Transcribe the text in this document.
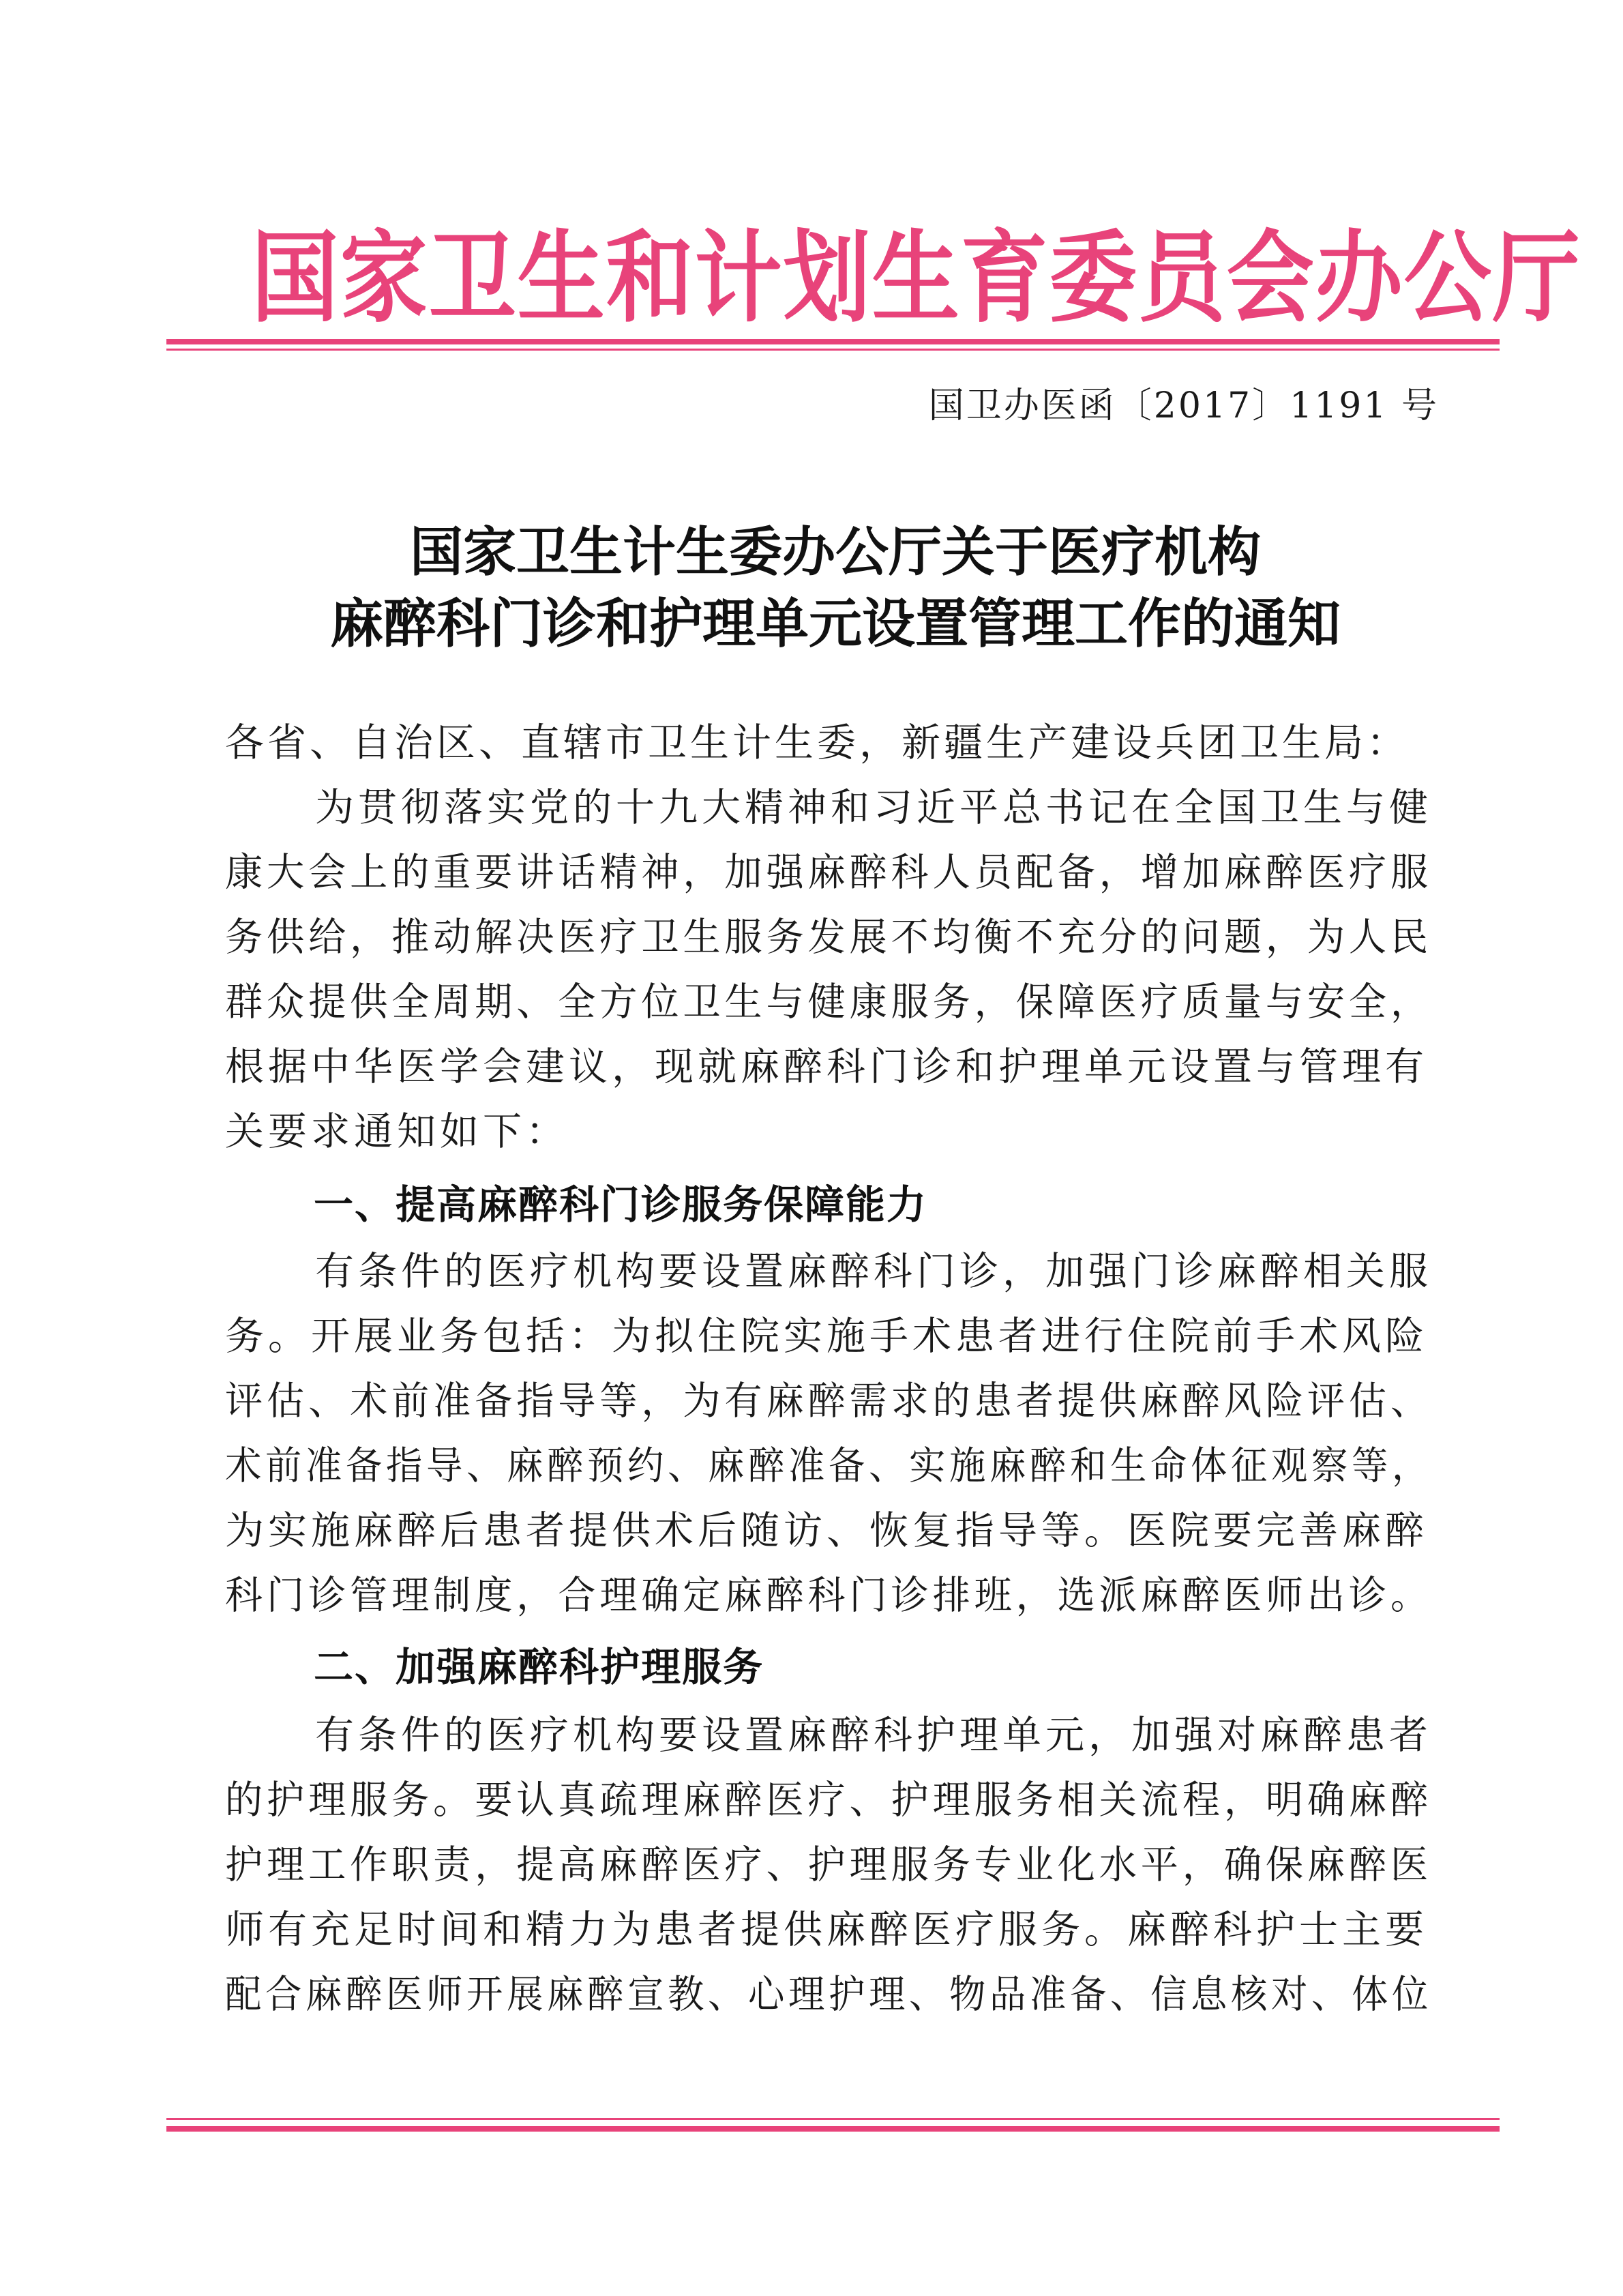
国家卫生和计划生育委员会办公厅
国卫办医函〔2017〕1191 号
国家卫生计生委办公厅关于医疗机构
麻醉科门诊和护理单元设置管理工作的通知
各省、自治区、直辖市卫生计生委，新疆生产建设兵团卫生局：
为贯彻落实党的十九大精神和习近平总书记在全国卫生与健
康大会上的重要讲话精神，加强麻醉科人员配备，增加麻醉医疗服
务供给，推动解决医疗卫生服务发展不均衡不充分的问题，为人民
群众提供全周期、全方位卫生与健康服务，保障医疗质量与安全，
根据中华医学会建议，现就麻醉科门诊和护理单元设置与管理有
关要求通知如下：
一、提高麻醉科门诊服务保障能力
有条件的医疗机构要设置麻醉科门诊，加强门诊麻醉相关服
务。开展业务包括：为拟住院实施手术患者进行住院前手术风险
评估、术前准备指导等，为有麻醉需求的患者提供麻醉风险评估、
术前准备指导、麻醉预约、麻醉准备、实施麻醉和生命体征观察等，
为实施麻醉后患者提供术后随访、恢复指导等。医院要完善麻醉
科门诊管理制度，合理确定麻醉科门诊排班，选派麻醉医师出诊。
二、加强麻醉科护理服务
有条件的医疗机构要设置麻醉科护理单元，加强对麻醉患者
的护理服务。要认真疏理麻醉医疗、护理服务相关流程，明确麻醉
护理工作职责，提高麻醉医疗、护理服务专业化水平，确保麻醉医
师有充足时间和精力为患者提供麻醉医疗服务。麻醉科护士主要
配合麻醉医师开展麻醉宣教、心理护理、物品准备、信息核对、体位
